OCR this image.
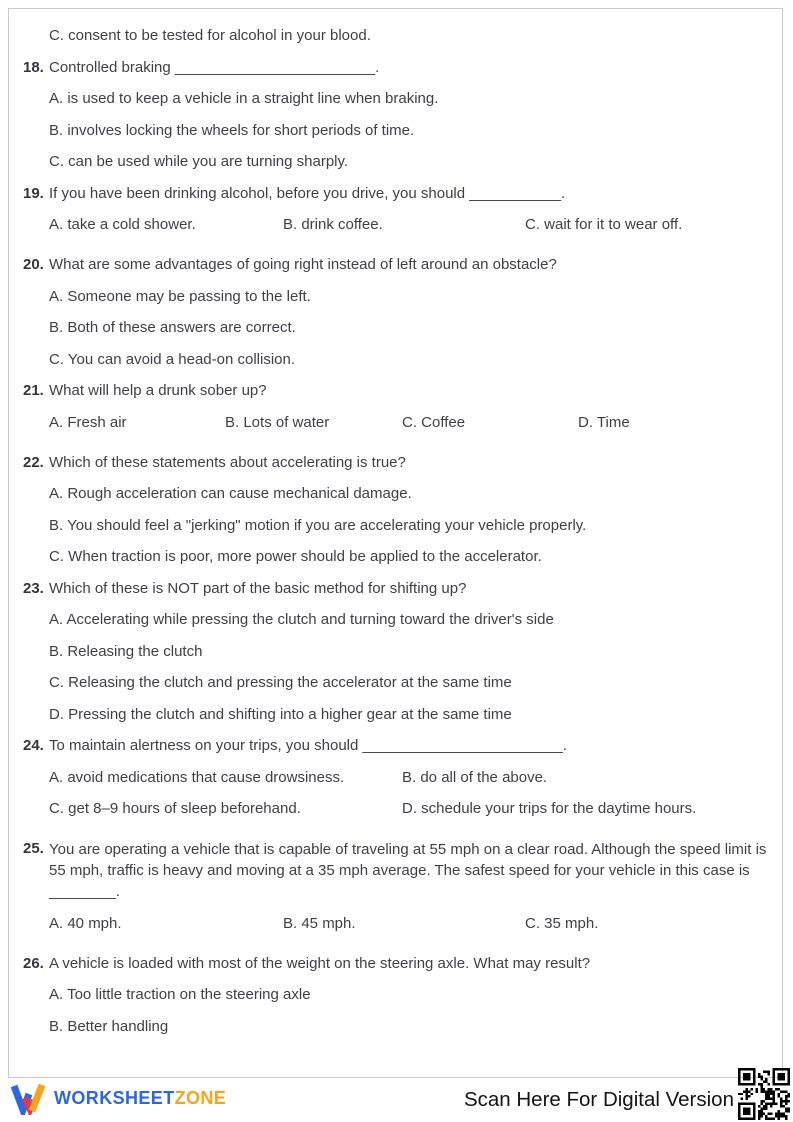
C. consent to be tested for alcohol in your blood.
18. Controlled braking ________________________.
A. is used to keep a vehicle in a straight line when braking.
B. involves locking the wheels for short periods of time.
C. can be used while you are turning sharply.
19. If you have been drinking alcohol, before you drive, you should ___________.
A. take a cold shower.	B. drink coffee.	C. wait for it to wear off.
20. What are some advantages of going right instead of left around an obstacle?
A. Someone may be passing to the left.
B. Both of these answers are correct.
C. You can avoid a head-on collision.
21. What will help a drunk sober up?
A. Fresh air	B. Lots of water	C. Coffee	D. Time
22. Which of these statements about accelerating is true?
A. Rough acceleration can cause mechanical damage.
B. You should feel a "jerking" motion if you are accelerating your vehicle properly.
C. When traction is poor, more power should be applied to the accelerator.
23. Which of these is NOT part of the basic method for shifting up?
A. Accelerating while pressing the clutch and turning toward the driver's side
B. Releasing the clutch
C. Releasing the clutch and pressing the accelerator at the same time
D. Pressing the clutch and shifting into a higher gear at the same time
24. To maintain alertness on your trips, you should ________________________.
A. avoid medications that cause drowsiness.	B. do all of the above.
C. get 8–9 hours of sleep beforehand.	D. schedule your trips for the daytime hours.
25. You are operating a vehicle that is capable of traveling at 55 mph on a clear road. Although the speed limit is
55 mph, traffic is heavy and moving at a 35 mph average. The safest speed for your vehicle in this case is
________.
A. 40 mph.	B. 45 mph.	C. 35 mph.
26. A vehicle is loaded with most of the weight on the steering axle. What may result?
A. Too little traction on the steering axle
B. Better handling
WORKSHEETZONE	Scan Here For Digital Version
